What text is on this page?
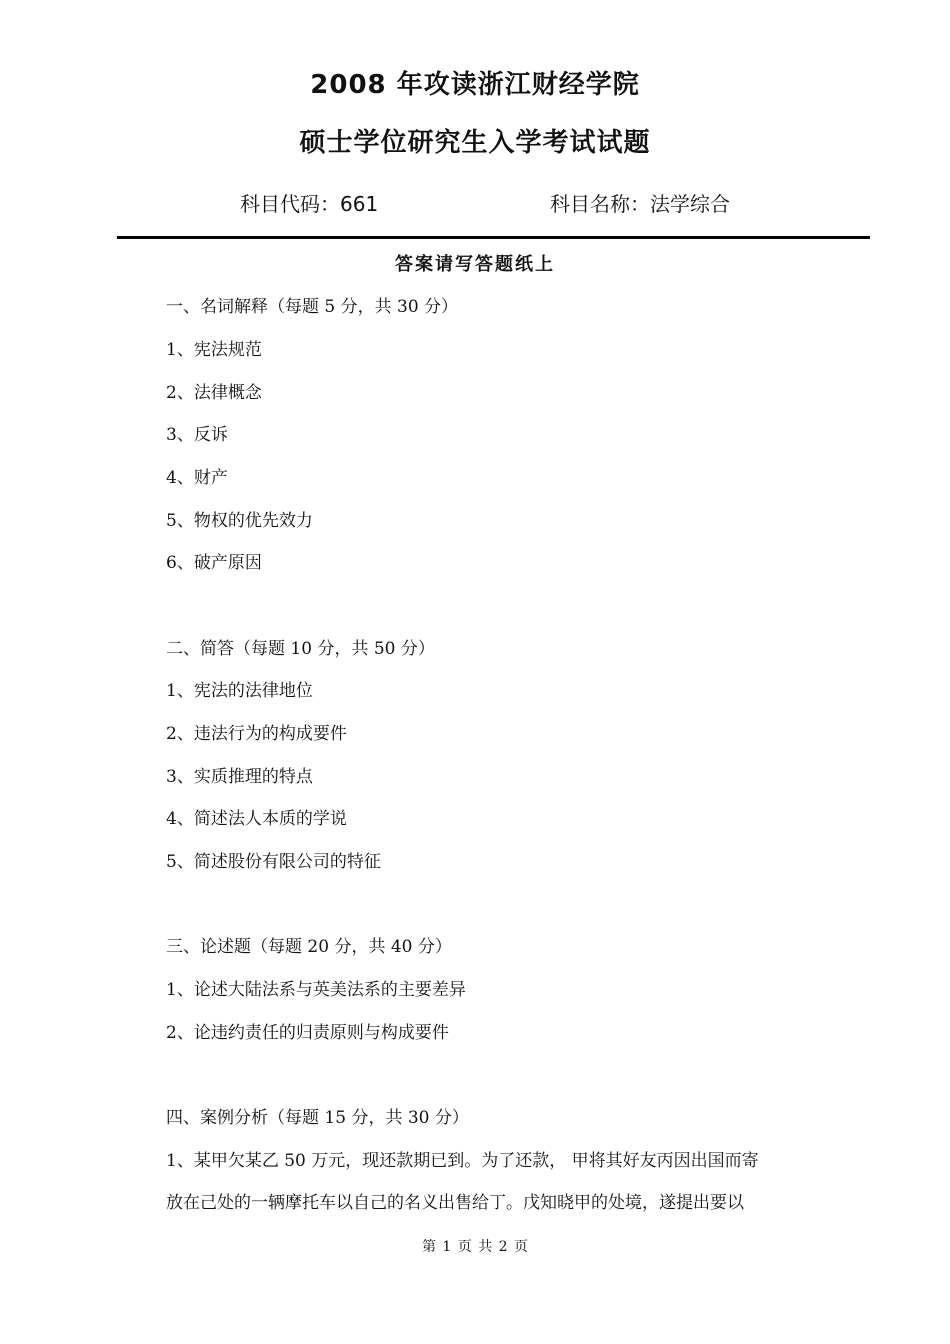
2008 年攻读浙江财经学院
硕士学位研究生入学考试试题
科目代码：661	科目名称：法学综合
答案请写答题纸上
一、名词解释（每题 5 分，共 30 分）
1、宪法规范
2、法律概念
3、反诉
4、财产
5、物权的优先效力
6、破产原因
二、简答（每题 10 分，共 50 分）
1、宪法的法律地位
2、违法行为的构成要件
3、实质推理的特点
4、简述法人本质的学说
5、简述股份有限公司的特征
三、论述题（每题 20 分，共 40 分）
1、论述大陆法系与英美法系的主要差异
2、论违约责任的归责原则与构成要件
四、案例分析（每题 15 分，共 30 分）
1、某甲欠某乙 50 万元，现还款期已到。为了还款， 甲将其好友丙因出国而寄
放在己处的一辆摩托车以自己的名义出售给丁。戊知晓甲的处境，遂提出要以
第 1 页 共 2 页
